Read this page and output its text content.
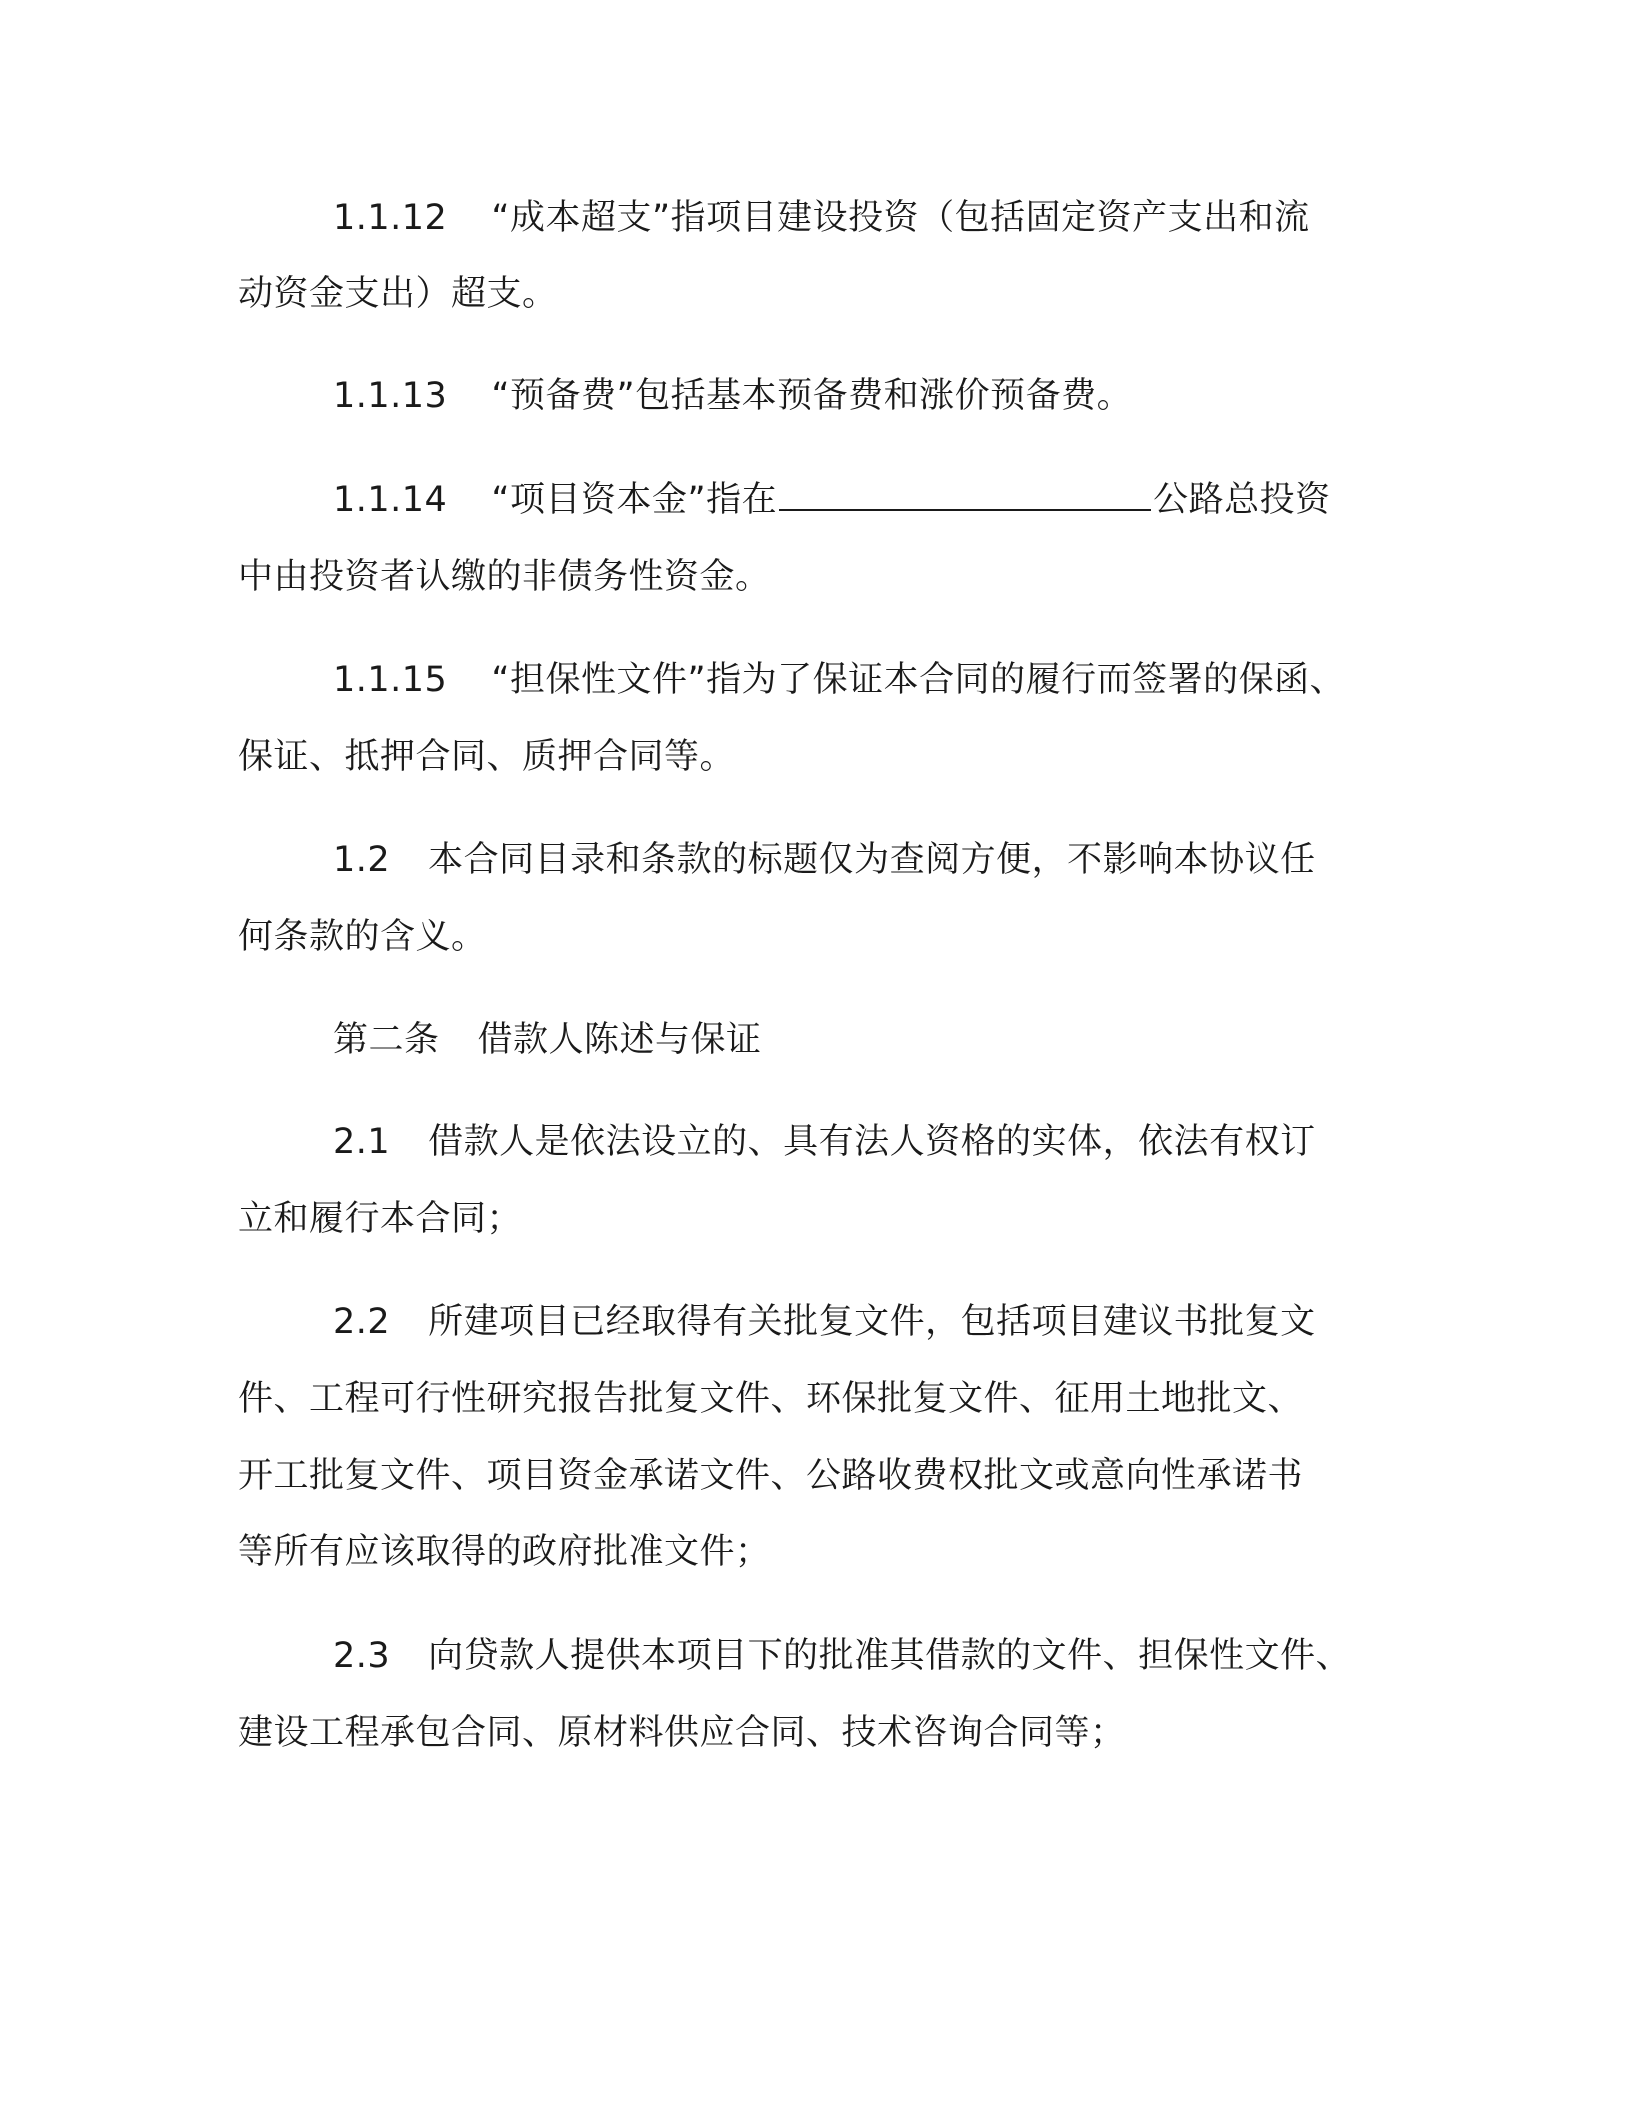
1.1.12 “成本超支”指项目建设投资（包括固定资产支出和流
动资金支出）超支。
1.1.13 “预备费”包括基本预备费和涨价预备费。
1.1.14 “项目资本金”指在	公路总投资
中由投资者认缴的非债务性资金。
1.1.15 “担保性文件”指为了保证本合同的履行而签署的保函、
保证、抵押合同、质押合同等。
1.2 本合同目录和条款的标题仅为查阅方便，不影响本协议任
何条款的含义。
第二条 借款人陈述与保证
2.1 借款人是依法设立的、具有法人资格的实体，依法有权订
立和履行本合同；
2.2 所建项目已经取得有关批复文件，包括项目建议书批复文
件、工程可行性研究报告批复文件、环保批复文件、征用土地批文、
开工批复文件、项目资金承诺文件、公路收费权批文或意向性承诺书
等所有应该取得的政府批准文件；
2.3 向贷款人提供本项目下的批准其借款的文件、担保性文件、
建设工程承包合同、原材料供应合同、技术咨询合同等；
